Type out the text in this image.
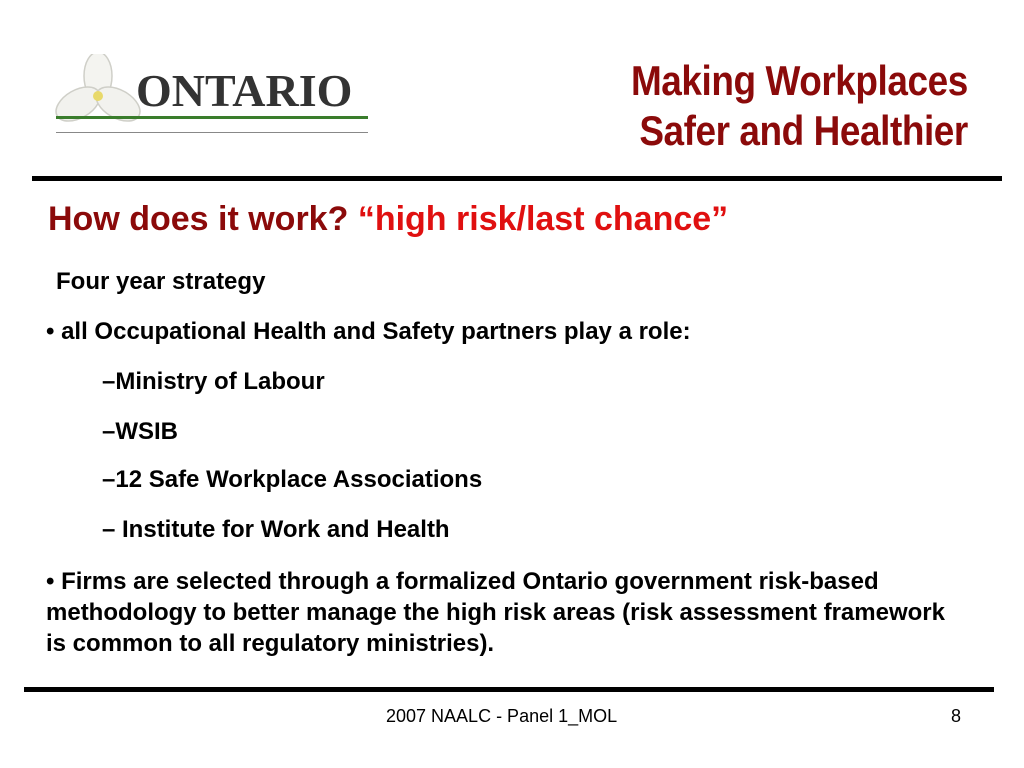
ONTARIO	Making Workplaces
Safer and Healthier
How does it work? “high risk/last chance”
Four year strategy
• all Occupational Health and Safety partners play a role:
–Ministry of Labour
–WSIB
–12 Safe Workplace Associations
– Institute for Work and Health
• Firms are selected through a formalized Ontario government risk-based methodology to better manage the high risk areas (risk assessment framework is common to all regulatory ministries).
2007 NAALC - Panel 1_MOL	8
